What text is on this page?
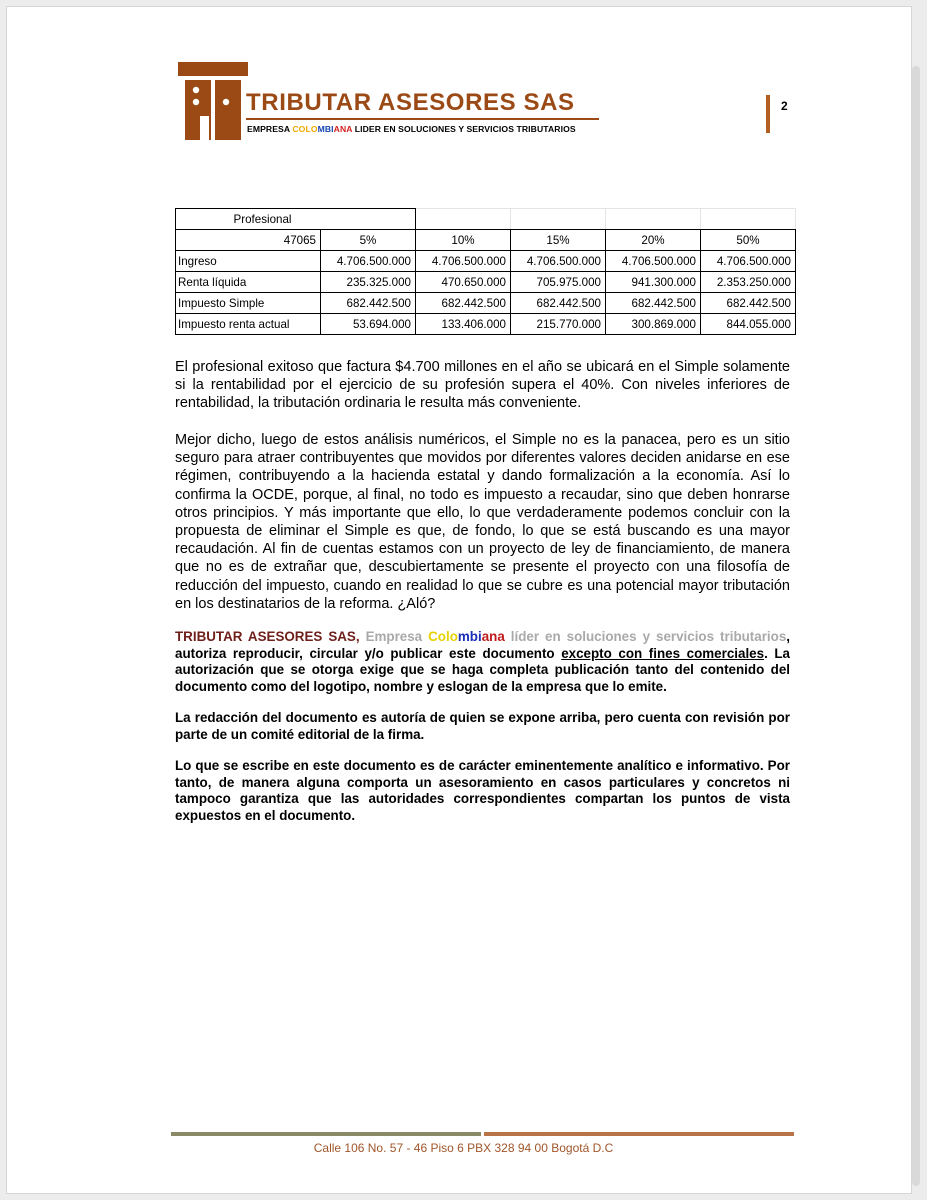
TRIBUTAR ASESORES SAS
EMPRESA COLOMBIANA LIDER EN SOLUCIONES Y SERVICIOS TRIBUTARIOS
2
Profesional					
47065	5%	10%	15%	20%	50%
Ingreso	4.706.500.000	4.706.500.000	4.706.500.000	4.706.500.000	4.706.500.000
Renta líquida	235.325.000	470.650.000	705.975.000	941.300.000	2.353.250.000
Impuesto Simple	682.442.500	682.442.500	682.442.500	682.442.500	682.442.500
Impuesto renta actual	53.694.000	133.406.000	215.770.000	300.869.000	844.055.000
El profesional exitoso que factura $4.700 millones en el año se ubicará en el Simple solamente si la rentabilidad por el ejercicio de su profesión supera el 40%. Con niveles inferiores de rentabilidad, la tributación ordinaria le resulta más conveniente.
Mejor dicho, luego de estos análisis numéricos, el Simple no es la panacea, pero es un sitio seguro para atraer contribuyentes que movidos por diferentes valores deciden anidarse en ese régimen, contribuyendo a la hacienda estatal y dando formalización a la economía. Así lo confirma la OCDE, porque, al final, no todo es impuesto a recaudar, sino que deben honrarse otros principios. Y más importante que ello, lo que verdaderamente podemos concluir con la propuesta de eliminar el Simple es que, de fondo, lo que se está buscando es una mayor recaudación. Al fin de cuentas estamos con un proyecto de ley de financiamiento, de manera que no es de extrañar que, descubiertamente se presente el proyecto con una filosofía de reducción del impuesto, cuando en realidad lo que se cubre es una potencial mayor tributación en los destinatarios de la reforma. ¿Aló?
TRIBUTAR ASESORES SAS, Empresa Colombiana líder en soluciones y servicios tributarios, autoriza reproducir, circular y/o publicar este documento excepto con fines comerciales. La autorización que se otorga exige que se haga completa publicación tanto del contenido del documento como del logotipo, nombre y eslogan de la empresa que lo emite.
La redacción del documento es autoría de quien se expone arriba, pero cuenta con revisión por parte de un comité editorial de la firma.
Lo que se escribe en este documento es de carácter eminentemente analítico e informativo. Por tanto, de manera alguna comporta un asesoramiento en casos particulares y concretos ni tampoco garantiza que las autoridades correspondientes compartan los puntos de vista expuestos en el documento.
Calle 106 No. 57 - 46 Piso 6 PBX 328 94 00 Bogotá D.C
